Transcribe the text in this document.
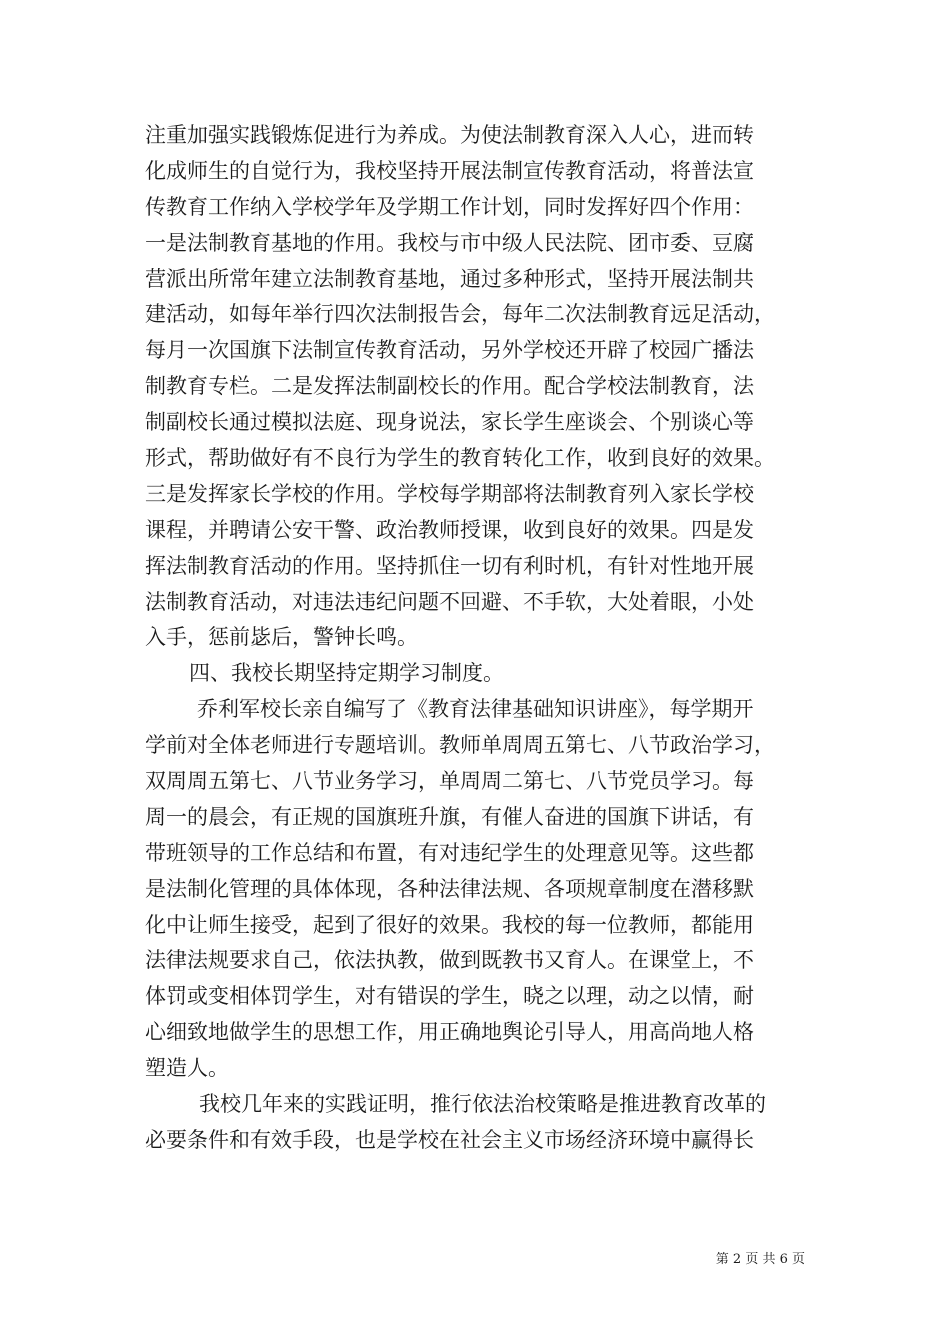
注重加强实践锻炼促进行为养成。为使法制教育深入人心，进而转
化成师生的自觉行为，我校坚持开展法制宣传教育活动，将普法宣
传教育工作纳入学校学年及学期工作计划，同时发挥好四个作用：
一是法制教育基地的作用。我校与市中级人民法院、团市委、豆腐
营派出所常年建立法制教育基地，通过多种形式，坚持开展法制共
建活动，如每年举行四次法制报告会，每年二次法制教育远足活动，
每月一次国旗下法制宣传教育活动，另外学校还开辟了校园广播法
制教育专栏。二是发挥法制副校长的作用。配合学校法制教育，法
制副校长通过模拟法庭、现身说法，家长学生座谈会、个别谈心等
形式，帮助做好有不良行为学生的教育转化工作，收到良好的效果。
三是发挥家长学校的作用。学校每学期部将法制教育列入家长学校
课程，并聘请公安干警、政治教师授课，收到良好的效果。四是发
挥法制教育活动的作用。坚持抓住一切有利时机，有针对性地开展
法制教育活动，对违法违纪问题不回避、不手软，大处着眼，小处
入手，惩前毖后，警钟长鸣。
四、我校长期坚持定期学习制度。
乔利军校长亲自编写了《教育法律基础知识讲座》，每学期开
学前对全体老师进行专题培训。教师单周周五第七、八节政治学习，
双周周五第七、八节业务学习，单周周二第七、八节党员学习。每
周一的晨会，有正规的国旗班升旗，有催人奋进的国旗下讲话，有
带班领导的工作总结和布置，有对违纪学生的处理意见等。这些都
是法制化管理的具体体现，各种法律法规、各项规章制度在潜移默
化中让师生接受，起到了很好的效果。我校的每一位教师，都能用
法律法规要求自己，依法执教，做到既教书又育人。在课堂上，不
体罚或变相体罚学生，对有错误的学生，晓之以理，动之以情，耐
心细致地做学生的思想工作，用正确地舆论引导人，用高尚地人格
塑造人。
我校几年来的实践证明，推行依法治校策略是推进教育改革的
必要条件和有效手段，也是学校在社会主义市场经济环境中赢得长
第 2 页 共 6 页
